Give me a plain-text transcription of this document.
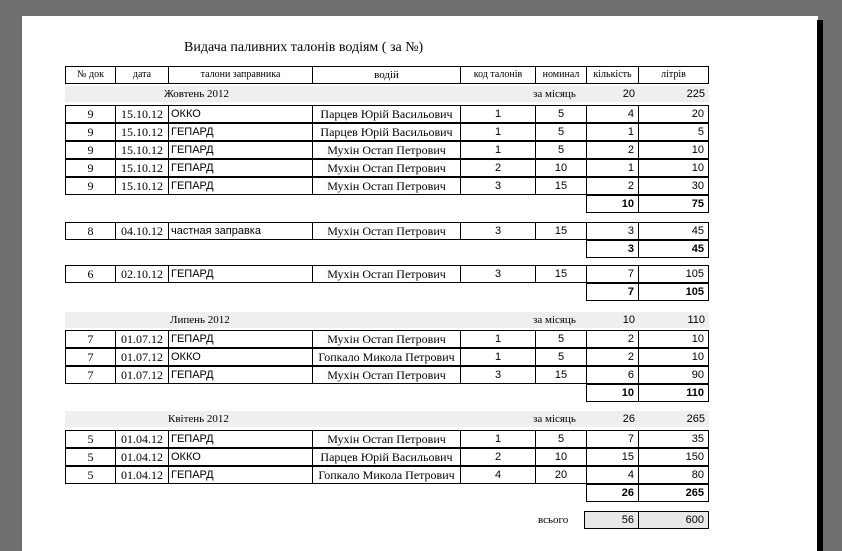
Видача паливних талонів водіям ( за №)
№ док	дата	талони заправника	водій	код талонів	номинал	кількість	літрів
Жовтень 2012	за місяць	20	225
9	15.10.12 ОККО	Парцев Юрій Васильович	1	5	4	20
9	15.10.12 ГЕПАРД	Парцев Юрій Васильович	1	5	1	5
9	15.10.12 ГЕПАРД	Мухін Остап Петрович	1	5	2	10
9	15.10.12 ГЕПАРД	Мухін Остап Петрович	2	10	1	10
9	15.10.12 ГЕПАРД	Мухін Остап Петрович	3	15	2	30
10	75
8	04.10.12 частная заправка	Мухін Остап Петрович	3	15	3	45
3	45
6	02.10.12 ГЕПАРД	Мухін Остап Петрович	3	15	7	105
7	105
Липень 2012	за місяць	10	110
7	01.07.12 ГЕПАРД	Мухін Остап Петрович	1	5	2	10
7	01.07.12 ОККО	Гопкало Микола Петрович	1	5	2	10
7	01.07.12 ГЕПАРД	Мухін Остап Петрович	3	15	6	90
10	110
Квітень 2012	за місяць	26	265
5	01.04.12 ГЕПАРД	Мухін Остап Петрович	1	5	7	35
5	01.04.12 ОККО	Парцев Юрій Васильович	2	10	15	150
5	01.04.12 ГЕПАРД	Гопкало Микола Петрович	4	20	4	80
26	265
всього	56	600
